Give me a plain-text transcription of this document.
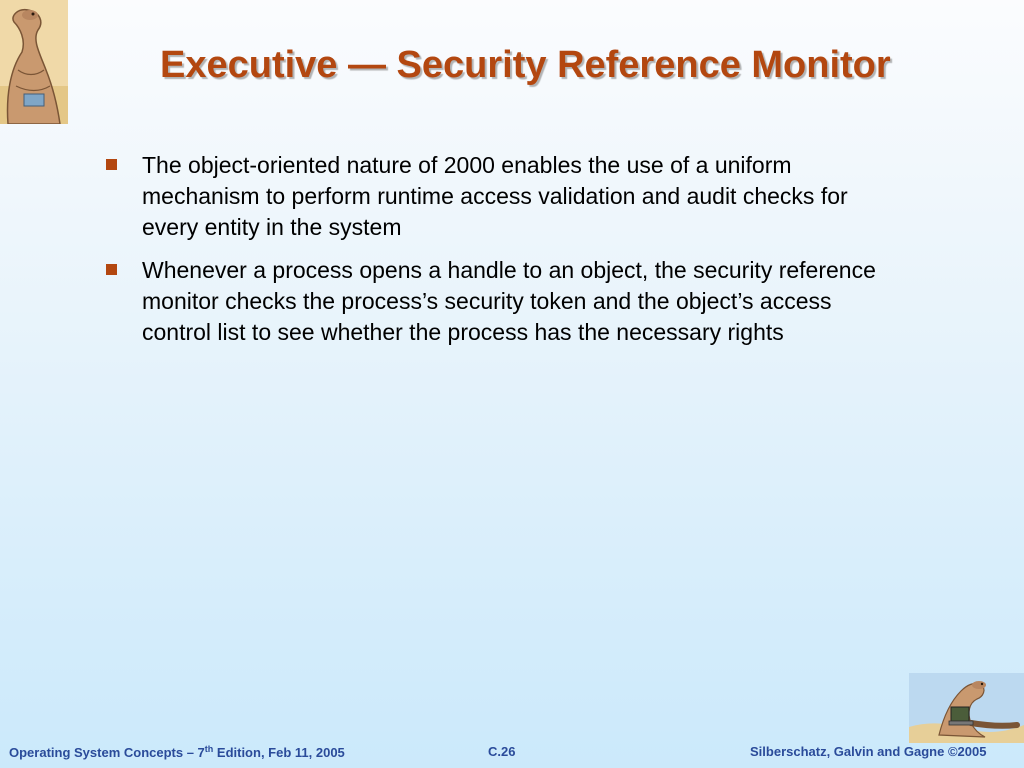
Executive — Security Reference Monitor
The object-oriented nature of 2000 enables the use of a uniform mechanism to perform runtime access validation and audit checks for every entity in the system
Whenever a process opens a handle to an object, the security reference monitor checks the process’s security token and the object’s access control list to see whether the process has the necessary rights
Operating System Concepts – 7th Edition, Feb 11, 2005	C.26	Silberschatz, Galvin and Gagne ©2005
